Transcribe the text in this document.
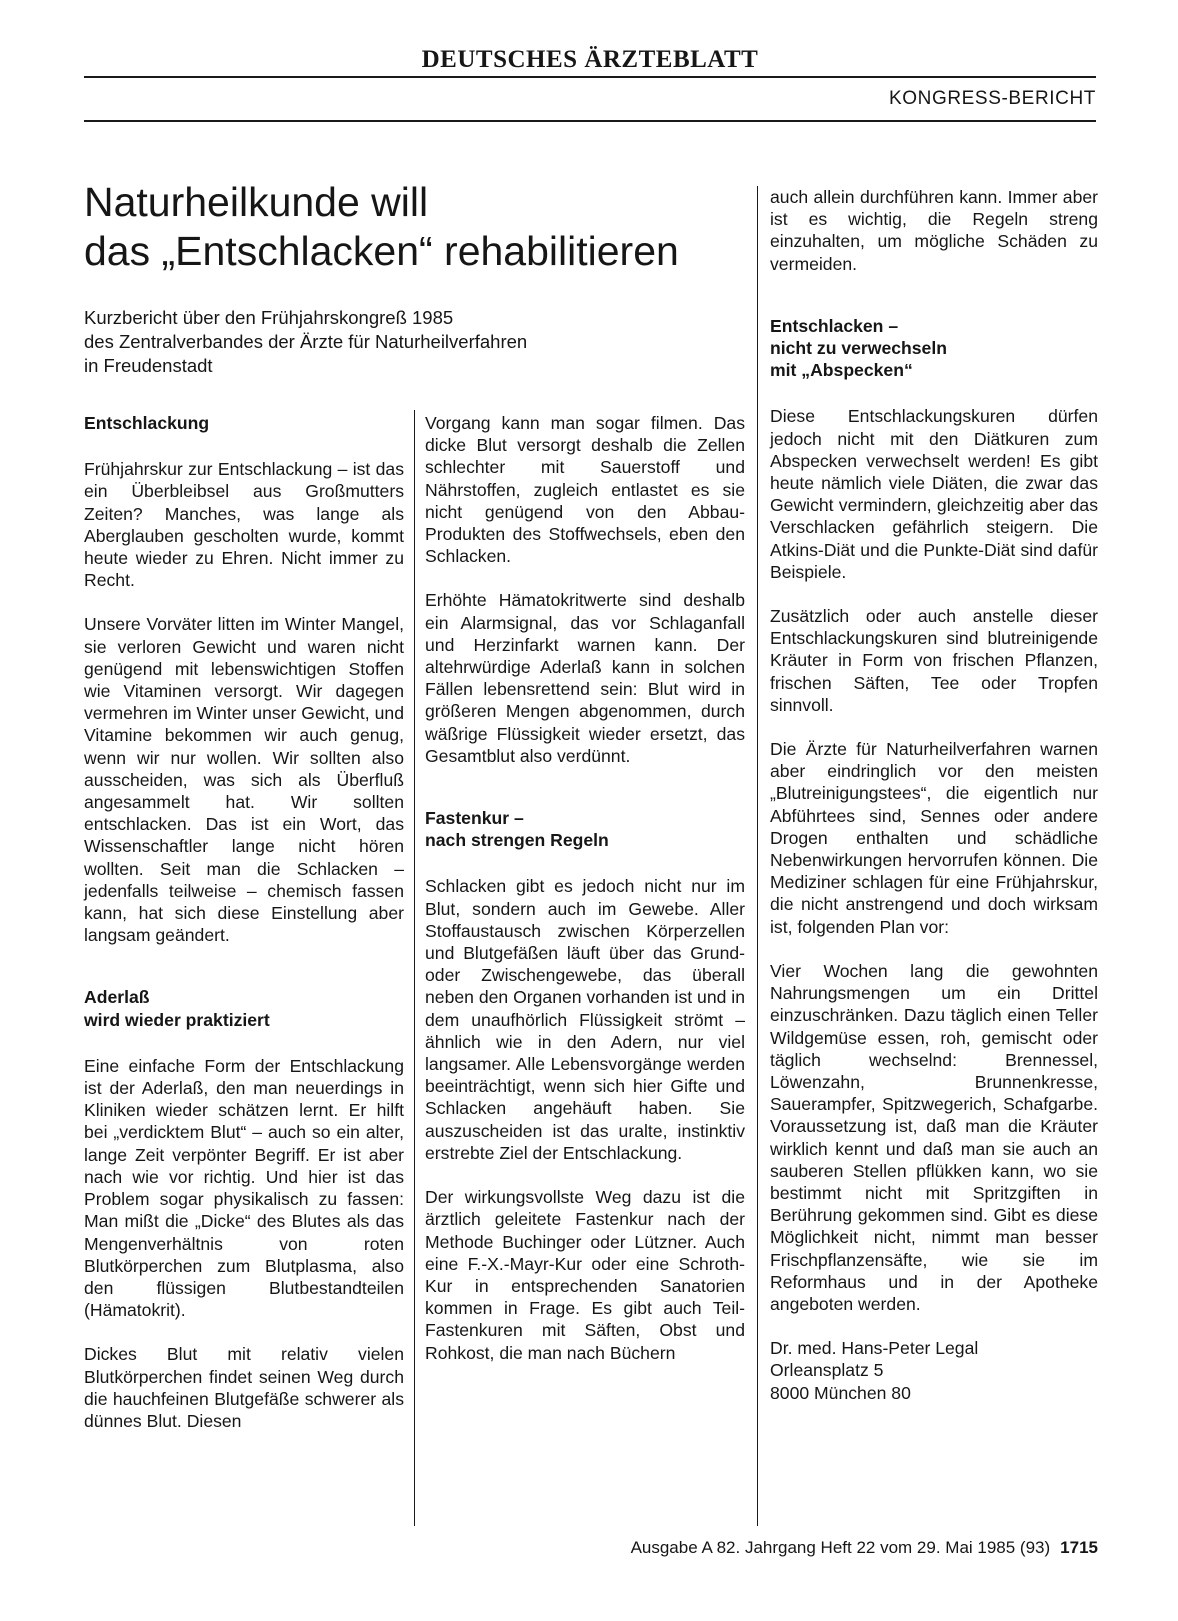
DEUTSCHES ÄRZTEBLATT
KONGRESS-BERICHT
Naturheilkunde will
das „Entschlacken“ rehabilitieren
Kurzbericht über den Frühjahrskongreß 1985
des Zentralverbandes der Ärzte für Naturheilverfahren
in Freudenstadt
Entschlackung

Frühjahrskur zur Entschlackung – ist das ein Überbleibsel aus Großmutters Zeiten? Manches, was lange als Aberglauben gescholten wurde, kommt heute wieder zu Ehren. Nicht immer zu Recht.

Unsere Vorväter litten im Winter Mangel, sie verloren Gewicht und waren nicht genügend mit lebenswichtigen Stoffen wie Vitaminen versorgt. Wir dagegen vermehren im Winter unser Gewicht, und Vitamine bekommen wir auch genug, wenn wir nur wollen. Wir sollten also ausscheiden, was sich als Überfluß angesammelt hat. Wir sollten entschlacken. Das ist ein Wort, das Wissenschaftler lange nicht hören wollten. Seit man die Schlacken – jedenfalls teilweise – chemisch fassen kann, hat sich diese Einstellung aber langsam geändert.

Aderlaß
wird wieder praktiziert

Eine einfache Form der Entschlackung ist der Aderlaß, den man neuerdings in Kliniken wieder schätzen lernt. Er hilft bei „verdicktem Blut“ – auch so ein alter, lange Zeit verpönter Begriff. Er ist aber nach wie vor richtig. Und hier ist das Problem sogar physikalisch zu fassen: Man mißt die „Dicke“ des Blutes als das Mengenverhältnis von roten Blutkörperchen zum Blutplasma, also den flüssigen Blutbestandteilen (Hämatokrit).

Dickes Blut mit relativ vielen Blutkörperchen findet seinen Weg durch die hauchfeinen Blutgefäße schwerer als dünnes Blut. Diesen

Vorgang kann man sogar filmen. Das dicke Blut versorgt deshalb die Zellen schlechter mit Sauerstoff und Nährstoffen, zugleich entlastet es sie nicht genügend von den Abbau-Produkten des Stoffwechsels, eben den Schlacken.

Erhöhte Hämatokritwerte sind deshalb ein Alarmsignal, das vor Schlaganfall und Herzinfarkt warnen kann. Der altehrwürdige Aderlaß kann in solchen Fällen lebensrettend sein: Blut wird in größeren Mengen abgenommen, durch wäßrige Flüssigkeit wieder ersetzt, das Gesamtblut also verdünnt.

Fastenkur –
nach strengen Regeln

Schlacken gibt es jedoch nicht nur im Blut, sondern auch im Gewebe. Aller Stoffaustausch zwischen Körperzellen und Blutgefäßen läuft über das Grund- oder Zwischengewebe, das überall neben den Organen vorhanden ist und in dem unaufhörlich Flüssigkeit strömt – ähnlich wie in den Adern, nur viel langsamer. Alle Lebensvorgänge werden beeinträchtigt, wenn sich hier Gifte und Schlacken angehäuft haben. Sie auszuscheiden ist das uralte, instinktiv erstrebte Ziel der Entschlackung.

Der wirkungsvollste Weg dazu ist die ärztlich geleitete Fastenkur nach der Methode Buchinger oder Lützner. Auch eine F.-X.-Mayr-Kur oder eine Schroth-Kur in entsprechenden Sanatorien kommen in Frage. Es gibt auch Teil-Fastenkuren mit Säften, Obst und Rohkost, die man nach Büchern

auch allein durchführen kann. Immer aber ist es wichtig, die Regeln streng einzuhalten, um mögliche Schäden zu vermeiden.

Entschlacken –
nicht zu verwechseln
mit „Abspecken“

Diese Entschlackungskuren dürfen jedoch nicht mit den Diätkuren zum Abspecken verwechselt werden! Es gibt heute nämlich viele Diäten, die zwar das Gewicht vermindern, gleichzeitig aber das Verschlacken gefährlich steigern. Die Atkins-Diät und die Punkte-Diät sind dafür Beispiele.

Zusätzlich oder auch anstelle dieser Entschlackungskuren sind blutreinigende Kräuter in Form von frischen Pflanzen, frischen Säften, Tee oder Tropfen sinnvoll.

Die Ärzte für Naturheilverfahren warnen aber eindringlich vor den meisten „Blutreinigungstees“, die eigentlich nur Abführtees sind, Sennes oder andere Drogen enthalten und schädliche Nebenwirkungen hervorrufen können. Die Mediziner schlagen für eine Frühjahrskur, die nicht anstrengend und doch wirksam ist, folgenden Plan vor:

Vier Wochen lang die gewohnten Nahrungsmengen um ein Drittel einzuschränken. Dazu täglich einen Teller Wildgemüse essen, roh, gemischt oder täglich wechselnd: Brennessel, Löwenzahn, Brunnenkresse, Sauerampfer, Spitzwegerich, Schafgarbe. Voraussetzung ist, daß man die Kräuter wirklich kennt und daß man sie auch an sauberen Stellen pflükken kann, wo sie bestimmt nicht mit Spritzgiften in Berührung gekommen sind. Gibt es diese Möglichkeit nicht, nimmt man besser Frischpflanzensäfte, wie sie im Reformhaus und in der Apotheke angeboten werden.

Dr. med. Hans-Peter Legal
Orleansplatz 5
8000 München 80
Ausgabe A 82. Jahrgang Heft 22 vom 29. Mai 1985 (93) 1715
